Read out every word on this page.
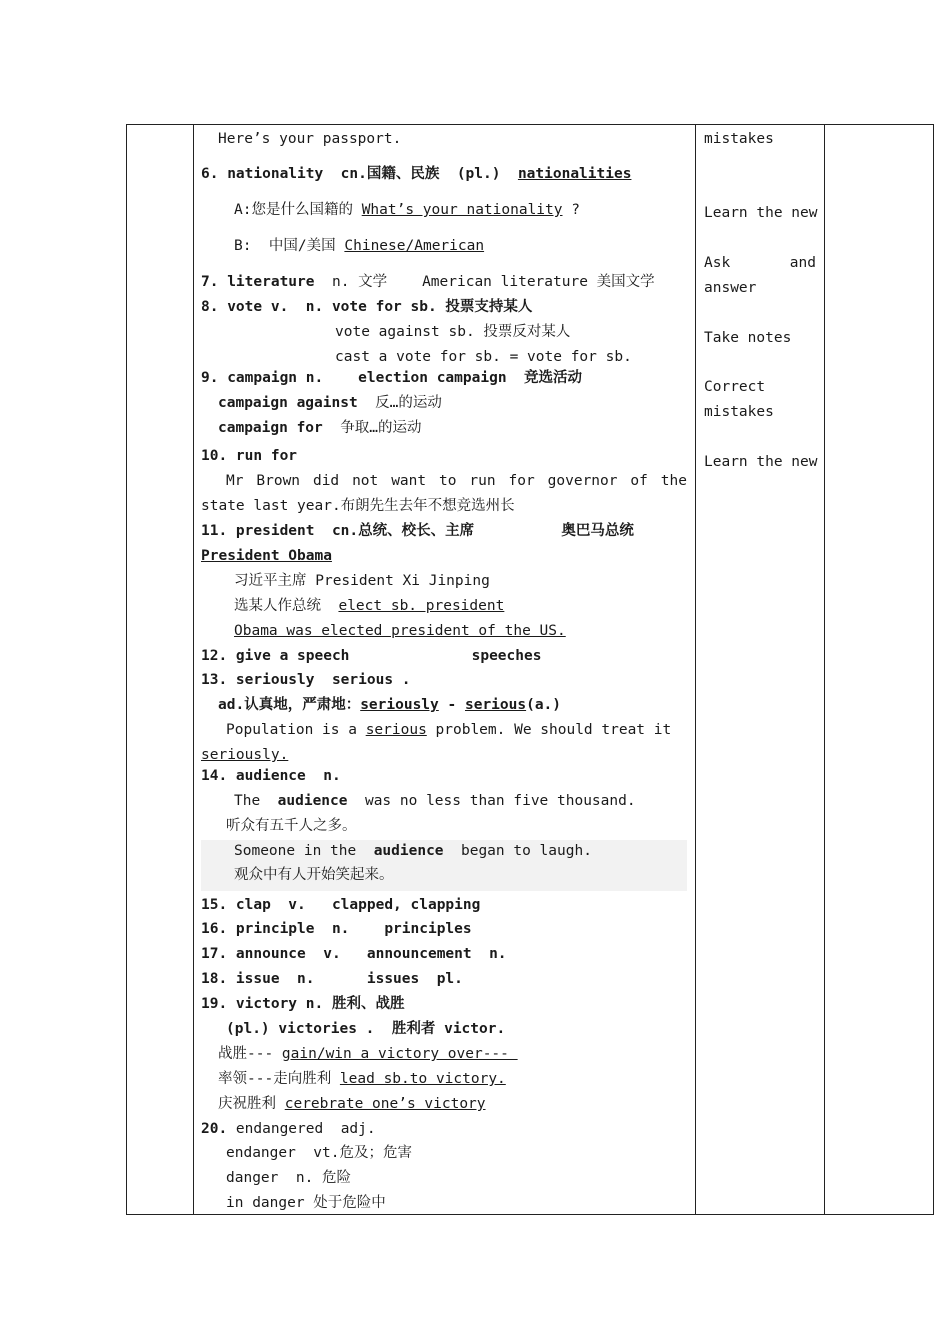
Here’s your passport.
6. nationality  cn.国籍、民族  (pl.)  nationalities
A:您是什么国籍的 What’s your nationality ?
B:  中国/美国 Chinese/American
7. literature  n. 文学    American literature 美国文学
8. vote v.  n. vote for sb. 投票支持某人
vote against sb. 投票反对某人
cast a vote for sb. = vote for sb.
9. campaign n.    election campaign  竞选活动
campaign against  反…的运动
campaign for  争取…的运动
10. run for
Mr Brown did not want to run for governor of the
state last year.布朗先生去年不想竞选州长
11. president  cn.总统、校长、主席          奥巴马总统
President Obama
习近平主席 President Xi Jinping
选某人作总统  elect sb. president
Obama was elected president of the US.
12. give a speech              speeches
13. seriously  serious .
ad.认真地，严肃地：seriously - serious(a.)
Population is a serious problem. We should treat it
seriously.
14. audience  n.
The  audience  was no less than five thousand.
听众有五千人之多。
Someone in the  audience  began to laugh.
观众中有人开始笑起来。
15. clap  v.   clapped, clapping
16. principle  n.    principles
17. announce  v.   announcement  n.
18. issue  n.      issues  pl.
19. victory n. 胜利、战胜
(pl.) victories .  胜利者 victor.
战胜--- gain/win a victory over---
率领---走向胜利 lead sb.to victory.
庆祝胜利 cerebrate one’s victory
20. endangered  adj.
endanger  vt.危及；危害
danger  n. 危险
in danger 处于危险中
mistakes
Learn the new
Ask and
answer
Take notes
Correct
mistakes
Learn the new
